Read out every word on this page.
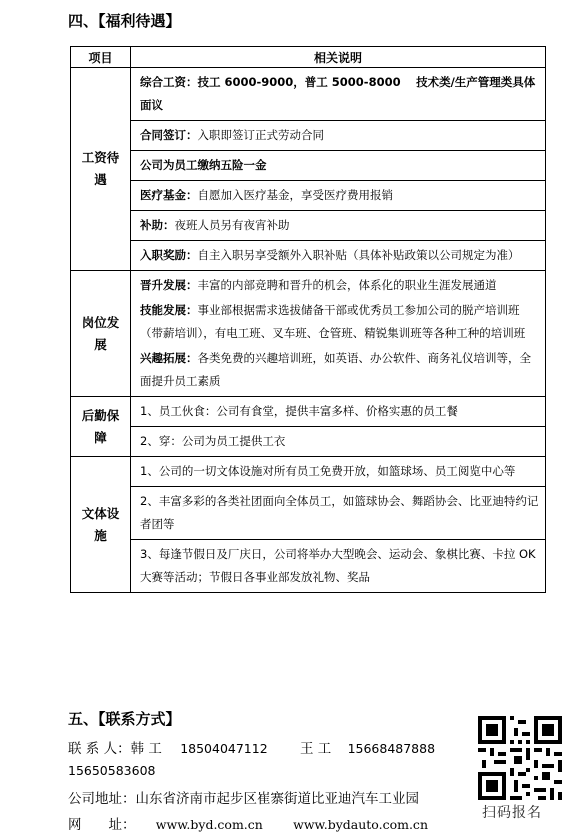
四、【福利待遇】
项目	相关说明
工资待遇	综合工资：技工 6000-9000，普工 5000-8000　 技术类/生产管理类具体面议
	合同签订：入职即签订正式劳动合同
	公司为员工缴纳五险一金
	医疗基金：自愿加入医疗基金，享受医疗费用报销
	补助：夜班人员另有夜宵补助
	入职奖励：自主入职另享受额外入职补贴（具体补贴政策以公司规定为准）
岗位发展	晋升发展：丰富的内部竞聘和晋升的机会，体系化的职业生涯发展通道
技能发展：事业部根据需求选拔储备干部或优秀员工参加公司的脱产培训班（带薪培训），有电工班、叉车班、仓管班、精锐集训班等各种工种的培训班
兴趣拓展：各类免费的兴趣培训班，如英语、办公软件、商务礼仪培训等，全面提升员工素质

后勤保障	1、员工伙食：公司有食堂，提供丰富多样、价格实惠的员工餐
	2、穿：公司为员工提供工衣
文体设施	1、公司的一切文体设施对所有员工免费开放，如篮球场、员工阅览中心等
	2、丰富多彩的各类社团面向全体员工，如篮球协会、舞蹈协会、比亚迪特约记者团等
	3、每逢节假日及厂庆日，公司将举办大型晚会、运动会、象棋比赛、卡拉 OK 大赛等活动；节假日各事业部发放礼物、奖品
五、【联系方式】
联 系 人：韩 工 18504047112 王 工 15668487888
15650583608
公司地址：山东省济南市起步区崔寨街道比亚迪汽车工业园
网　　址： www.byd.com.cn www.bydauto.com.cn
扫码报名
